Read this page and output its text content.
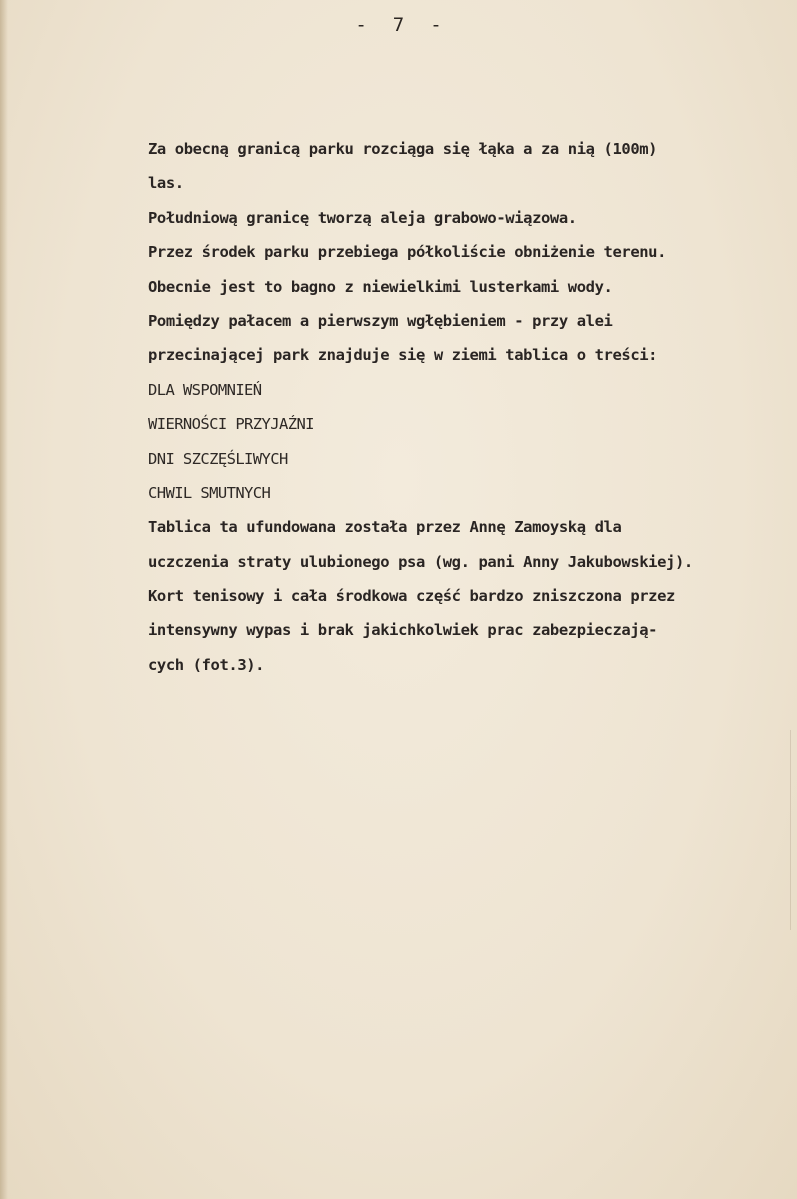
- 7 -
Za obecną granicą parku rozciąga się łąka a za nią (100m)
las.
Południową granicę tworzą aleja grabowo-wiązowa.
Przez środek parku przebiega półkoliście obniżenie terenu.
Obecnie jest to bagno z niewielkimi lusterkami wody.
Pomiędzy pałacem a pierwszym wgłębieniem - przy alei
przecinającej park znajduje się w ziemi tablica o treści:
DLA WSPOMNIEŃ
WIERNOŚCI PRZYJAŹNI
DNI SZCZĘŚLIWYCH
CHWIL SMUTNYCH
Tablica ta ufundowana została przez Annę Zamoyską dla
uczczenia straty ulubionego psa (wg. pani Anny Jakubowskiej).
Kort tenisowy i cała środkowa część bardzo zniszczona przez
intensywny wypas i brak jakichkolwiek prac zabezpieczają-
cych (fot.3).
